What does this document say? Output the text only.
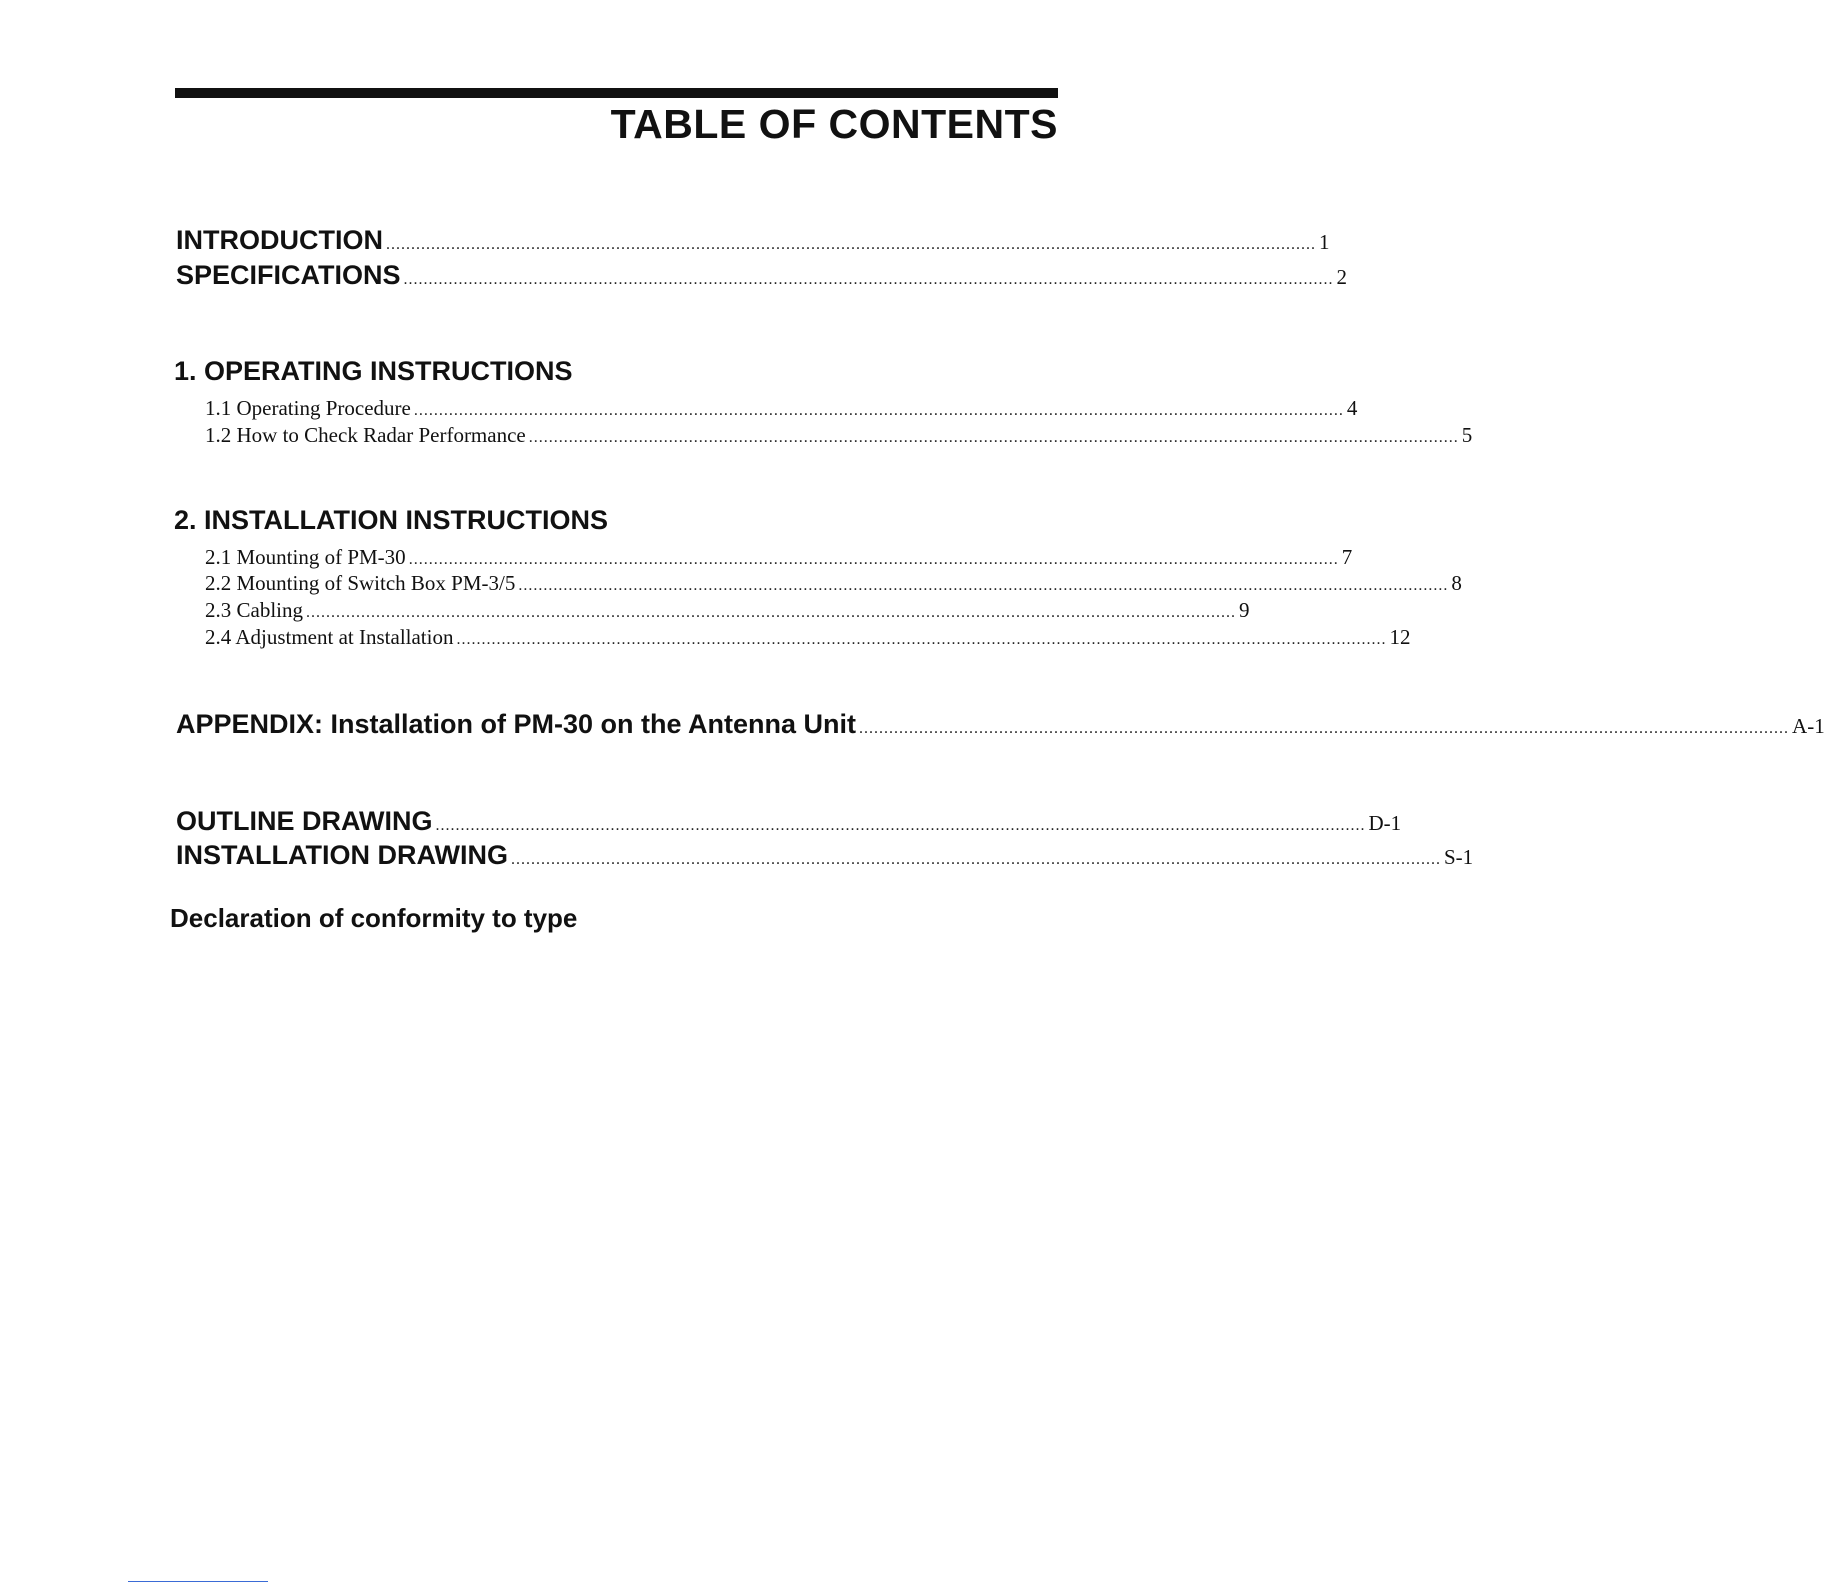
TABLE OF CONTENTS
INTRODUCTION .......................................................................................................................................................................................... 1
SPECIFICATIONS .......................................................................................................................................................................................... 2
1. OPERATING INSTRUCTIONS
1.1 Operating Procedure .......................................................................................................................................................................................... 4
1.2 How to Check Radar Performance .......................................................................................................................................................................................... 5
2. INSTALLATION INSTRUCTIONS
2.1 Mounting of PM-30 .......................................................................................................................................................................................... 7
2.2 Mounting of Switch Box PM-3/5 .......................................................................................................................................................................................... 8
2.3 Cabling .......................................................................................................................................................................................... 9
2.4 Adjustment at Installation .......................................................................................................................................................................................... 12
APPENDIX: Installation of PM-30 on the Antenna Unit .......................................................................................................................................................................................... A-1
OUTLINE DRAWING .......................................................................................................................................................................................... D-1
INSTALLATION DRAWING .......................................................................................................................................................................................... S-1
Declaration of conformity to type
